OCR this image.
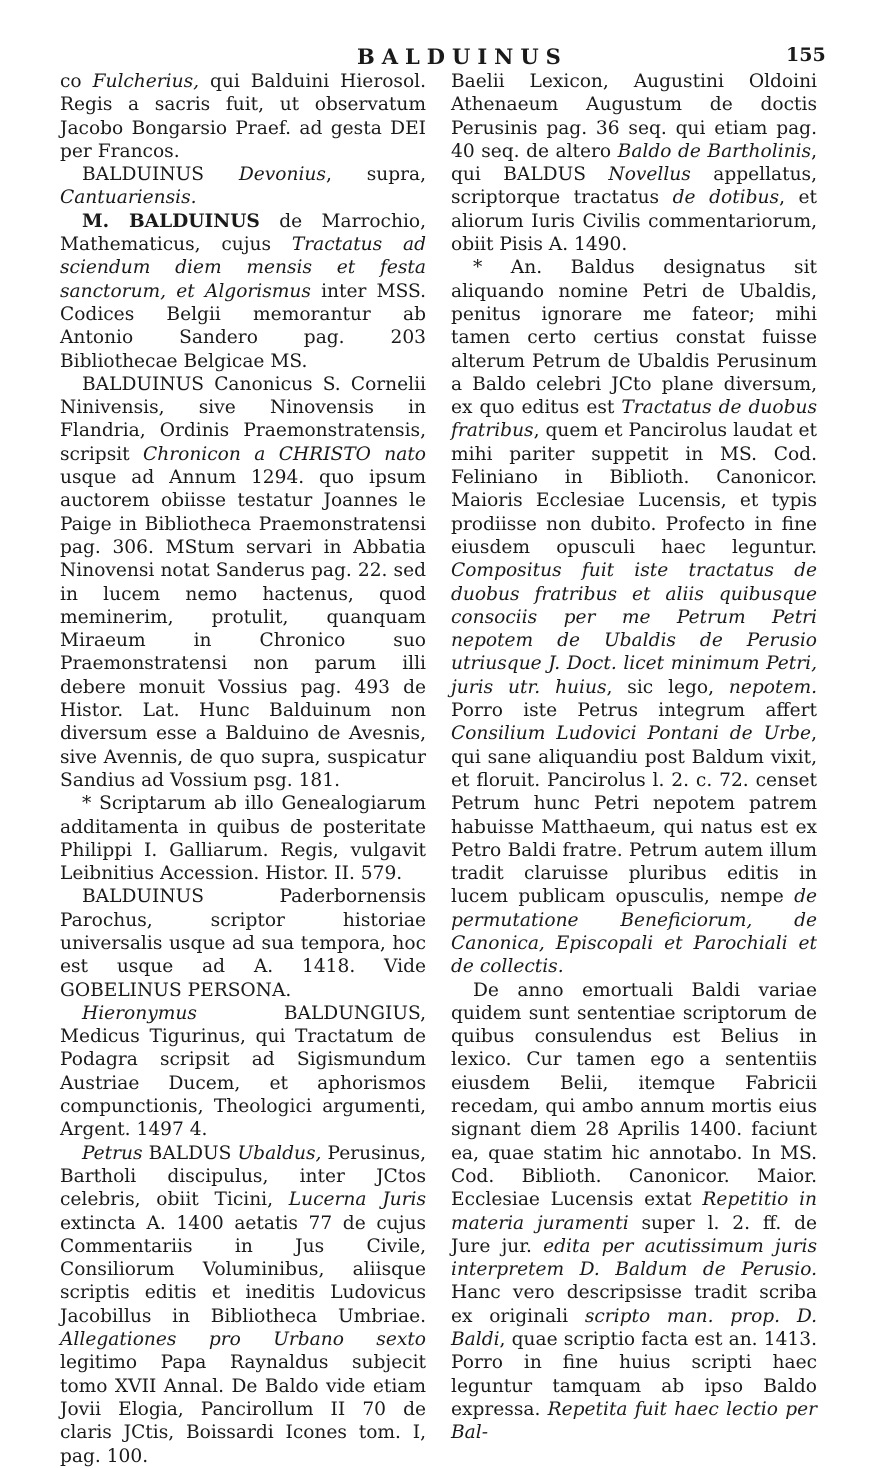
BALDUINUS	155

co Fulcherius, qui Balduini Hierosol. Regis a sacris fuit, ut observatum Jacobo Bongarsio Praef. ad gesta DEI per Francos.

BALDUINUS Devonius, supra, Cantuariensis.

M. BALDUINUS de Marrochio, Mathematicus, cujus Tractatus ad sciendum diem mensis et festa sanctorum, et Algorismus inter MSS. Codices Belgii memorantur ab Antonio Sandero pag. 203 Bibliothecae Belgicae MS.

BALDUINUS Canonicus S. Cornelii Ninivensis, sive Ninovensis in Flandria, Ordinis Praemonstratensis, scripsit Chronicon a CHRISTO nato usque ad Annum 1294. quo ipsum auctorem obiisse testatur Joannes le Paige in Bibliotheca Praemonstratensi pag. 306. MStum servari in Abbatia Ninovensi notat Sanderus pag. 22. sed in lucem nemo hactenus, quod meminerim, protulit, quanquam Miraeum in Chronico suo Praemonstratensi non parum illi debere monuit Vossius pag. 493 de Histor. Lat. Hunc Balduinum non diversum esse a Balduino de Avesnis, sive Avennis, de quo supra, suspicatur Sandius ad Vossium psg. 181.

* Scriptarum ab illo Genealogiarum additamenta in quibus de posteritate Philippi I. Galliarum. Regis, vulgavit Leibnitius Accession. Histor. II. 579.

BALDUINUS Paderbornensis Parochus, scriptor historiae universalis usque ad sua tempora, hoc est usque ad A. 1418. Vide GOBELINUS PERSONA.

Hieronymus BALDUNGIUS, Medicus Tigurinus, qui Tractatum de Podagra scripsit ad Sigismundum Austriae Ducem, et aphorismos compunctionis, Theologici argumenti, Argent. 1497 4.

Petrus BALDUS Ubaldus, Perusinus, Bartholi discipulus, inter JCtos celebris, obiit Ticini, Lucerna Juris extincta A. 1400 aetatis 77 de cujus Commentariis in Jus Civile, Consiliorum Voluminibus, aliisque scriptis editis et ineditis Ludovicus Jacobillus in Bibliotheca Umbriae. Allegationes pro Urbano sexto legitimo Papa Raynaldus subjecit tomo XVII Annal. De Baldo vide etiam Jovii Elogia, Pancirollum II 70 de claris JCtis, Boissardi Icones tom. I, pag. 100.

Baelii Lexicon, Augustini Oldoini Athenaeum Augustum de doctis Perusinis pag. 36 seq. qui etiam pag. 40 seq. de altero Baldo de Bartholinis, qui BALDUS Novellus appellatus, scriptorque tractatus de dotibus, et aliorum Iuris Civilis commentariorum, obiit Pisis A. 1490.

* An. Baldus designatus sit aliquando nomine Petri de Ubaldis, penitus ignorare me fateor; mihi tamen certo certius constat fuisse alterum Petrum de Ubaldis Perusinum a Baldo celebri JCto plane diversum, ex quo editus est Tractatus de duobus fratribus, quem et Pancirolus laudat et mihi pariter suppetit in MS. Cod. Feliniano in Biblioth. Canonicor. Maioris Ecclesiae Lucensis, et typis prodiisse non dubito. Profecto in fine eiusdem opusculi haec leguntur. Compositus fuit iste tractatus de duobus fratribus et aliis quibusque consociis per me Petrum Petri nepotem de Ubaldis de Perusio utriusque J. Doct. licet minimum Petri, juris utr. huius, sic lego, nepotem. Porro iste Petrus integrum affert Consilium Ludovici Pontani de Urbe, qui sane aliquandiu post Baldum vixit, et floruit. Pancirolus l. 2. c. 72. censet Petrum hunc Petri nepotem patrem habuisse Matthaeum, qui natus est ex Petro Baldi fratre. Petrum autem illum tradit claruisse pluribus editis in lucem publicam opusculis, nempe de permutatione Beneficiorum, de Canonica, Episcopali et Parochiali et de collectis.

De anno emortuali Baldi variae quidem sunt sententiae scriptorum de quibus consulendus est Belius in lexico. Cur tamen ego a sententiis eiusdem Belii, itemque Fabricii recedam, qui ambo annum mortis eius signant diem 28 Aprilis 1400. faciunt ea, quae statim hic annotabo. In MS. Cod. Biblioth. Canonicor. Maior. Ecclesiae Lucensis extat Repetitio in materia juramenti super l. 2. ff. de Jure jur. edita per acutissimum juris interpretem D. Baldum de Perusio. Hanc vero descripsisse tradit scriba ex originali scripto man. prop. D. Baldi, quae scriptio facta est an. 1413. Porro in fine huius scripti haec leguntur tamquam ab ipso Baldo expressa. Repetita fuit haec lectio per Bal-
